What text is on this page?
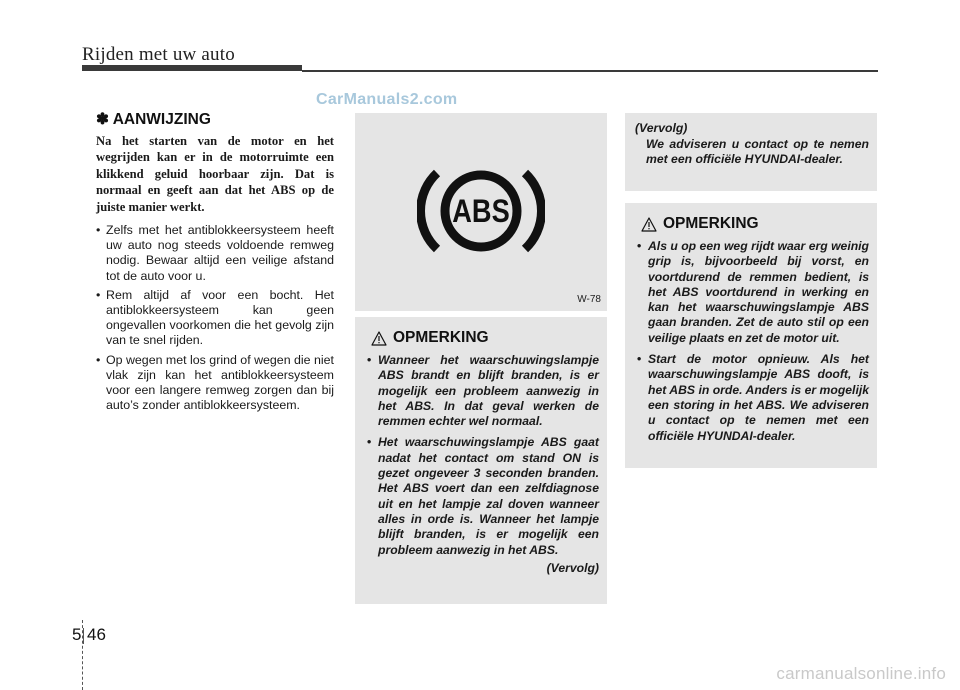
Rijden met uw auto
CarManuals2.com
✽ AANWIJZING

Na het starten van de motor en het wegrijden kan er in de motorruimte een klikkend geluid hoorbaar zijn. Dat is normaal en geeft aan dat het ABS op de juiste manier werkt.

• Zelfs met het antiblokkeersysteem heeft uw auto nog steeds voldoende remweg nodig. Bewaar altijd een veilige afstand tot de auto voor u.
• Rem altijd af voor een bocht. Het antiblokkeersysteem kan geen ongevallen voorkomen die het gevolg zijn van te snel rijden.
• Op wegen met los grind of wegen die niet vlak zijn kan het antiblokkeersysteem voor een langere remweg zorgen dan bij auto’s zonder antiblokkeersysteem.
ABS
W-78
OPMERKING
• Wanneer het waarschuwingslampje ABS brandt en blijft branden, is er mogelijk een probleem aanwezig in het ABS. In dat geval werken de remmen echter wel normaal.
• Het waarschuwingslampje ABS gaat nadat het contact om stand ON is gezet ongeveer 3 seconden branden. Het ABS voert dan een zelfdiagnose uit en het lampje zal doven wanneer alles in orde is. Wanneer het lampje blijft branden, is er mogelijk een probleem aanwezig in het ABS.
(Vervolg)
(Vervolg)
We adviseren u contact op te nemen met een officiële HYUNDAI-dealer.
OPMERKING
• Als u op een weg rijdt waar erg weinig grip is, bijvoorbeeld bij vorst, en voortdurend de remmen bedient, is het ABS voortdurend in werking en kan het waarschuwingslampje ABS gaan branden. Zet de auto stil op een veilige plaats en zet de motor uit.
• Start de motor opnieuw. Als het waarschuwingslampje ABS dooft, is het ABS in orde. Anders is er mogelijk een storing in het ABS. We adviseren u contact op te nemen met een officiële HYUNDAI-dealer.
5 46
carmanualsonline.info
